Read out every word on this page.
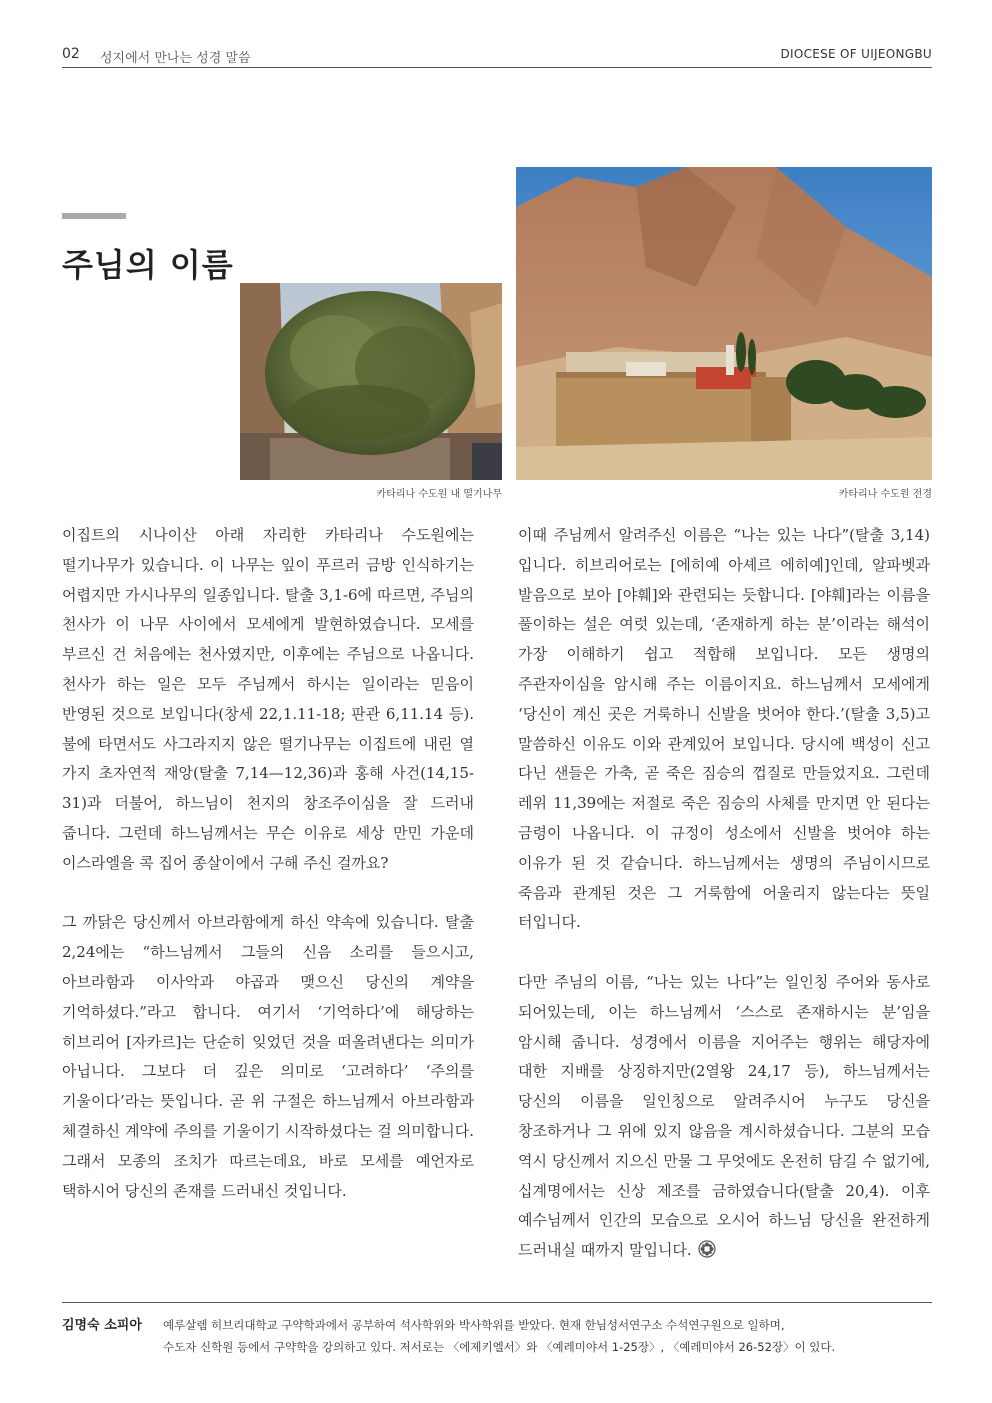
02 성지에서 만나는 성경 말씀	DIOCESE OF UIJEONGBU
주님의 이름
카타리나 수도원 내 떨기나무	카타리나 수도원 전경

이집트의 시나이산 아래 자리한 카타리나 수도원에는 떨기나무가 있습니다. 이 나무는 잎이 푸르러 금방 인식하기는 어렵지만 가시나무의 일종입니다. 탈출 3,1-6에 따르면, 주님의 천사가 이 나무 사이에서 모세에게 발현하였습니다. 모세를 부르신 건 처음에는 천사였지만, 이후에는 주님으로 나옵니다. 천사가 하는 일은 모두 주님께서 하시는 일이라는 믿음이 반영된 것으로 보입니다(창세 22,1.11-18; 판관 6,11.14 등). 불에 타면서도 사그라지지 않은 떨기나무는 이집트에 내린 열 가지 초자연적 재앙(탈출 7,14—12,36)과 홍해 사건(14,15-31)과 더불어, 하느님이 천지의 창조주이심을 잘 드러내 줍니다. 그런데 하느님께서는 무슨 이유로 세상 만민 가운데 이스라엘을 콕 집어 종살이에서 구해 주신 걸까요?

그 까닭은 당신께서 아브라함에게 하신 약속에 있습니다. 탈출 2,24에는 “하느님께서 그들의 신음 소리를 들으시고, 아브라함과 이사악과 야곱과 맺으신 당신의 계약을 기억하셨다.”라고 합니다. 여기서 ‘기억하다’에 해당하는 히브리어 [자카르]는 단순히 잊었던 것을 떠올려낸다는 의미가 아닙니다. 그보다 더 깊은 의미로 ‘고려하다’ ‘주의를 기울이다’라는 뜻입니다. 곧 위 구절은 하느님께서 아브라함과 체결하신 계약에 주의를 기울이기 시작하셨다는 걸 의미합니다. 그래서 모종의 조치가 따르는데요, 바로 모세를 예언자로 택하시어 당신의 존재를 드러내신 것입니다.

이때 주님께서 알려주신 이름은 “나는 있는 나다”(탈출 3,14)입니다. 히브리어로는 [에히예 아셰르 에히예]인데, 알파벳과 발음으로 보아 [야훼]와 관련되는 듯합니다. [야훼]라는 이름을 풀이하는 설은 여럿 있는데, ‘존재하게 하는 분’이라는 해석이 가장 이해하기 쉽고 적합해 보입니다. 모든 생명의 주관자이심을 암시해 주는 이름이지요. 하느님께서 모세에게 ‘당신이 계신 곳은 거룩하니 신발을 벗어야 한다.’(탈출 3,5)고 말씀하신 이유도 이와 관계있어 보입니다. 당시에 백성이 신고 다닌 샌들은 가축, 곧 죽은 짐승의 껍질로 만들었지요. 그런데 레위 11,39에는 저절로 죽은 짐승의 사체를 만지면 안 된다는 금령이 나옵니다. 이 규정이 성소에서 신발을 벗어야 하는 이유가 된 것 같습니다. 하느님께서는 생명의 주님이시므로 죽음과 관계된 것은 그 거룩함에 어울리지 않는다는 뜻일 터입니다.

다만 주님의 이름, “나는 있는 나다”는 일인칭 주어와 동사로 되어있는데, 이는 하느님께서 ‘스스로 존재하시는 분’임을 암시해 줍니다. 성경에서 이름을 지어주는 행위는 해당자에 대한 지배를 상징하지만(2열왕 24,17 등), 하느님께서는 당신의 이름을 일인칭으로 알려주시어 누구도 당신을 창조하거나 그 위에 있지 않음을 계시하셨습니다. 그분의 모습 역시 당신께서 지으신 만물 그 무엇에도 온전히 담길 수 없기에, 십계명에서는 신상 제조를 금하였습니다(탈출 20,4). 이후 예수님께서 인간의 모습으로 오시어 하느님 당신을 완전하게 드러내실 때까지 말입니다.

김명숙 소피아 예루살렘 히브리대학교 구약학과에서 공부하여 석사학위와 박사학위를 받았다. 현재 한님성서연구소 수석연구원으로 일하며,

수도자 신학원 등에서 구약학을 강의하고 있다. 저서로는 〈에제키엘서〉와 〈예레미야서 1-25장〉, 〈예레미야서 26-52장〉이 있다.
